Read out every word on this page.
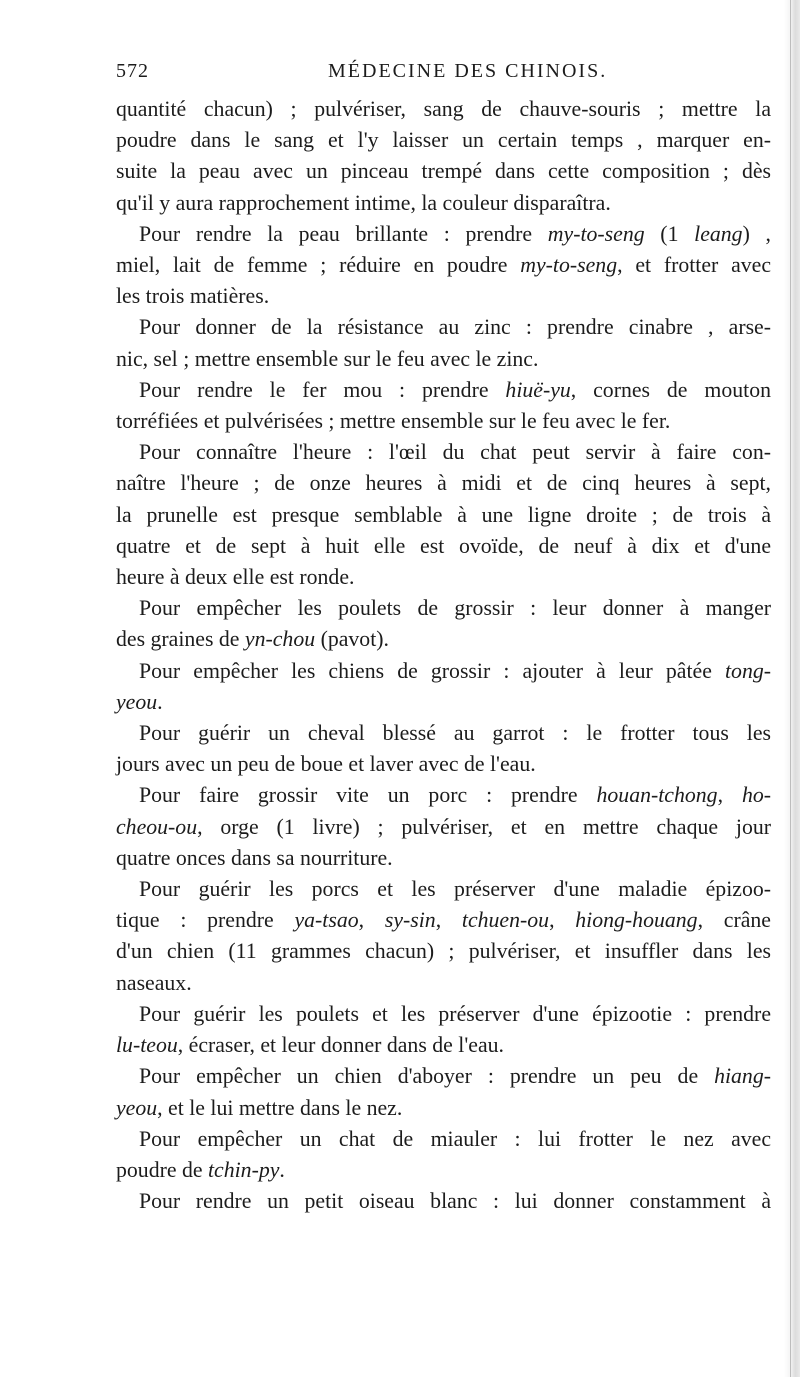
572	MÉDECINE DES CHINOIS.
quantité chacun) ; pulvériser, sang de chauve-souris ; mettre la
poudre dans le sang et l'y laisser un certain temps , marquer en-
suite la peau avec un pinceau trempé dans cette composition ; dès
qu'il y aura rapprochement intime, la couleur disparaîtra.
Pour rendre la peau brillante : prendre my-to-seng (1 leang) ,
miel, lait de femme ; réduire en poudre my-to-seng, et frotter avec
les trois matières.
Pour donner de la résistance au zinc : prendre cinabre , arse-
nic, sel ; mettre ensemble sur le feu avec le zinc.
Pour rendre le fer mou : prendre hiuë-yu, cornes de mouton
torréfiées et pulvérisées ; mettre ensemble sur le feu avec le fer.
Pour connaître l'heure : l'œil du chat peut servir à faire con-
naître l'heure ; de onze heures à midi et de cinq heures à sept,
la prunelle est presque semblable à une ligne droite ; de trois à
quatre et de sept à huit elle est ovoïde, de neuf à dix et d'une
heure à deux elle est ronde.
Pour empêcher les poulets de grossir : leur donner à manger
des graines de yn-chou (pavot).
Pour empêcher les chiens de grossir : ajouter à leur pâtée tong-
yeou.
Pour guérir un cheval blessé au garrot : le frotter tous les
jours avec un peu de boue et laver avec de l'eau.
Pour faire grossir vite un porc : prendre houan-tchong, ho-
cheou-ou, orge (1 livre) ; pulvériser, et en mettre chaque jour
quatre onces dans sa nourriture.
Pour guérir les porcs et les préserver d'une maladie épizoo-
tique : prendre ya-tsao, sy-sin, tchuen-ou, hiong-houang, crâne
d'un chien (11 grammes chacun) ; pulvériser, et insuffler dans les
naseaux.
Pour guérir les poulets et les préserver d'une épizootie : prendre
lu-teou, écraser, et leur donner dans de l'eau.
Pour empêcher un chien d'aboyer : prendre un peu de hiang-
yeou, et le lui mettre dans le nez.
Pour empêcher un chat de miauler : lui frotter le nez avec
poudre de tchin-py.
Pour rendre un petit oiseau blanc : lui donner constamment à
